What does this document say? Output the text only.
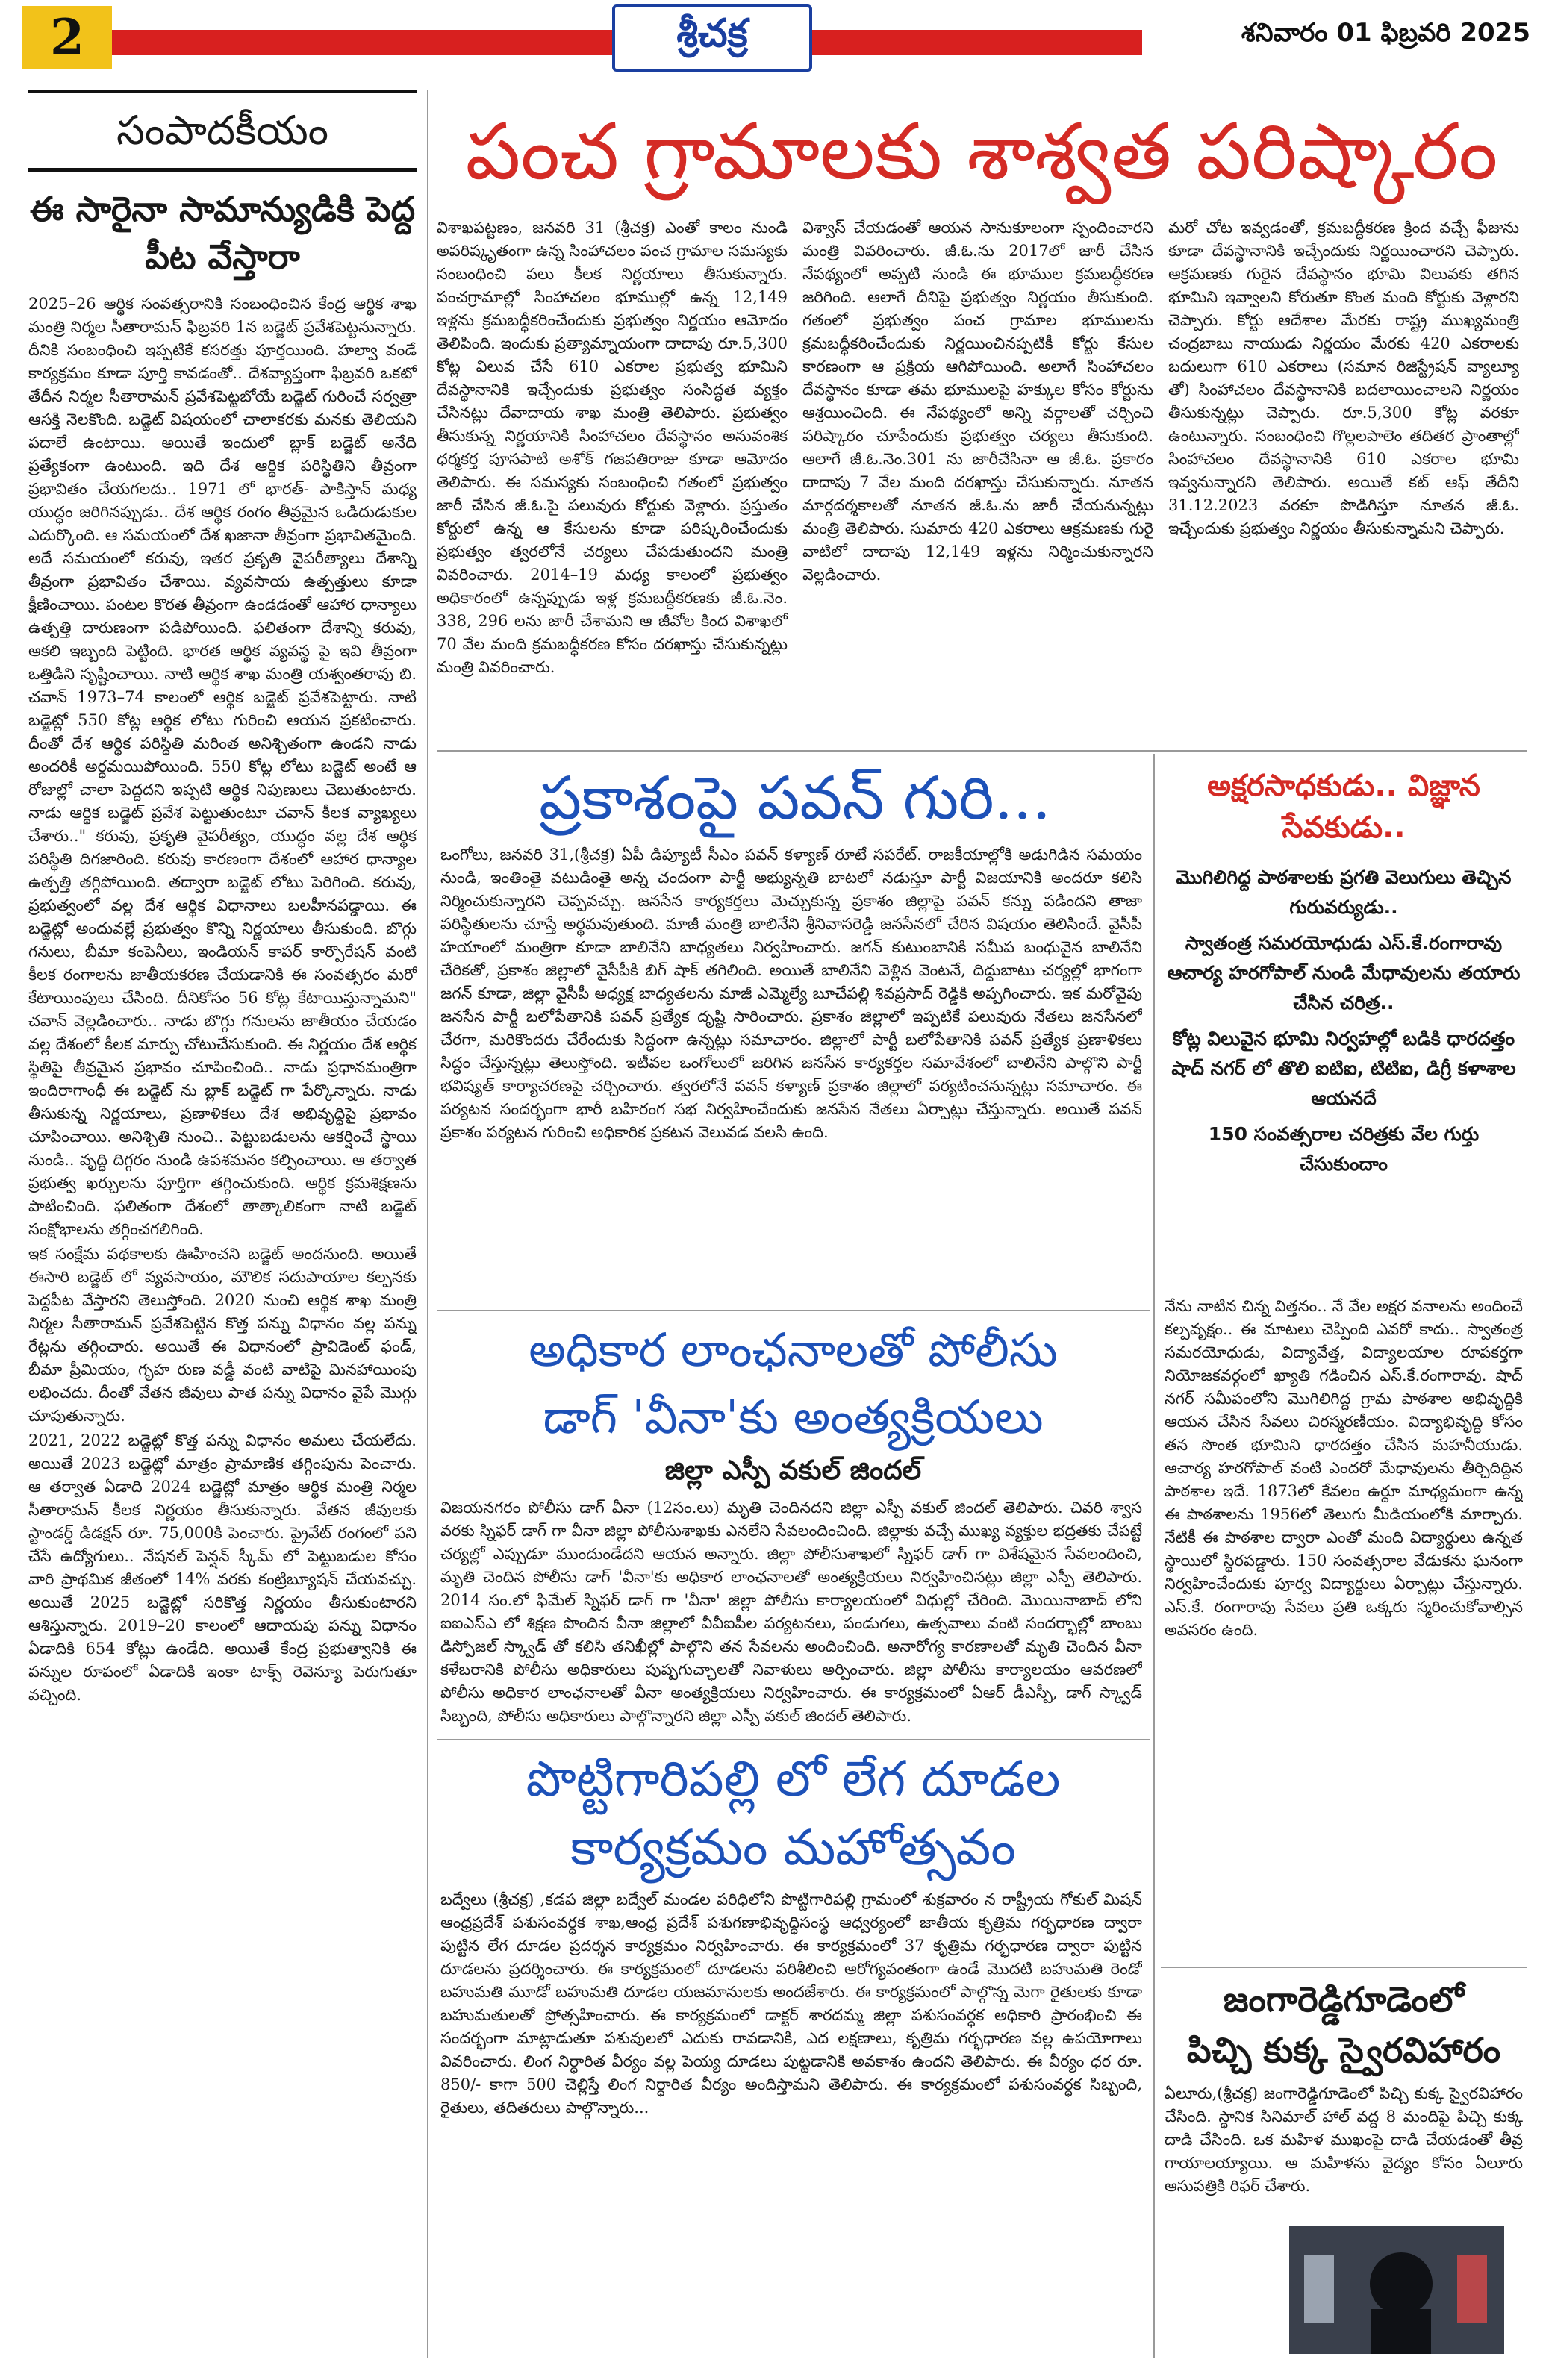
2	శ్రీచక్ర	శనివారం 01 ఫిబ్రవరి 2025
సంపాదకీయం
ఈ సారైనా సామాన్యుడికి పెద్ద పీట వేస్తారా

2025–26 ఆర్థిక సంవత్సరానికి సంబంధించిన కేంద్ర ఆర్థిక శాఖ మంత్రి నిర్మల సీతారామన్ ఫిబ్రవరి 1న బడ్జెట్ ప్రవేశపెట్టనున్నారు. దీనికి సంబంధించి ఇప్పటికే కసరత్తు పూర్తయింది. హల్వా వండే కార్యక్రమం కూడా పూర్తి కావడంతో.. దేశవ్యాప్తంగా ఫిబ్రవరి ఒకటో తేదీన నిర్మల సీతారామన్ ప్రవేశపెట్టబోయే బడ్జెట్ గురించే సర్వత్రా ఆసక్తి నెలకొంది. బడ్జెట్ విషయంలో చాలాకరకు మనకు తెలియని పదాలే ఉంటాయి. అయితే ఇందులో బ్లాక్ బడ్జెట్ అనేది ప్రత్యేకంగా ఉంటుంది. ఇది దేశ ఆర్థిక పరిస్థితిని తీవ్రంగా ప్రభావితం చేయగలదు.. 1971 లో భారత్- పాకిస్తాన్ మధ్య యుద్ధం జరిగినప్పుడు.. దేశ ఆర్థిక రంగం తీవ్రమైన ఒడిదుడుకుల ఎదుర్కొంది. ఆ సమయంలో దేశ ఖజానా తీవ్రంగా ప్రభావితమైంది. అదే సమయంలో కరువు, ఇతర ప్రకృతి వైపరీత్యాలు దేశాన్ని తీవ్రంగా ప్రభావితం చేశాయి. వ్యవసాయ ఉత్పత్తులు కూడా క్షీణించాయి. పంటల కొరత తీవ్రంగా ఉండడంతో ఆహార ధాన్యాలు ఉత్పత్తి దారుణంగా పడిపోయింది. ఫలితంగా దేశాన్ని కరువు, ఆకలి ఇబ్బంది పెట్టింది. భారత ఆర్థిక వ్యవస్థ పై ఇవి తీవ్రంగా ఒత్తిడిని సృష్టించాయి. నాటి ఆర్థిక శాఖ మంత్రి యశ్వంతరావు బి. చవాన్ 1973–74 కాలంలో ఆర్థిక బడ్జెట్ ప్రవేశపెట్టారు. నాటి బడ్జెట్లో 550 కోట్ల ఆర్థిక లోటు గురించి ఆయన ప్రకటించారు. దీంతో దేశ ఆర్థిక పరిస్థితి మరింత అనిశ్చితంగా ఉండని నాడు అందరికీ అర్థమయిపోయింది. 550 కోట్ల లోటు బడ్జెట్ అంటే ఆ రోజుల్లో చాలా పెద్దదని ఇప్పటి ఆర్థిక నిపుణులు చెబుతుంటారు. నాడు ఆర్థిక బడ్జెట్ ప్రవేశ పెట్టుతుంటూ చవాన్ కీలక వ్యాఖ్యలు చేశారు.." కరువు, ప్రకృతి వైపరీత్యం, యుద్ధం వల్ల దేశ ఆర్థిక పరిస్థితి దిగజారింది. కరువు కారణంగా దేశంలో ఆహార ధాన్యాల ఉత్పత్తి తగ్గిపోయింది. తద్వారా బడ్జెట్ లోటు పెరిగింది. కరువు, ప్రభుత్వంలో వల్ల దేశ ఆర్థిక విధానాలు బలహీనపడ్డాయి. ఈ బడ్జెట్లో అందువల్లే ప్రభుత్వం కొన్ని నిర్ణయాలు తీసుకుంది. బొగ్గు గనులు, బీమా కంపెనీలు, ఇండియన్ కాపర్ కార్పొరేషన్ వంటి కీలక రంగాలను జాతీయకరణ చేయడానికి ఈ సంవత్సరం మరో కేటాయింపులు చేసింది. దీనికోసం 56 కోట్ల కేటాయిస్తున్నామని" చవాన్ వెల్లడించారు.. నాడు బొగ్గు గనులను జాతీయం చేయడం వల్ల దేశంలో కీలక మార్పు చోటుచేసుకుంది. ఈ నిర్ణయం దేశ ఆర్థిక స్థితిపై తీవ్రమైన ప్రభావం చూపించింది.. నాడు ప్రధానమంత్రిగా ఇందిరాగాంధీ ఈ బడ్జెట్ ను బ్లాక్ బడ్జెట్ గా పేర్కొన్నారు. నాడు తీసుకున్న నిర్ణయాలు, ప్రణాళికలు దేశ అభివృద్ధిపై ప్రభావం చూపించాయి. అనిశ్చితి నుంచి.. పెట్టుబడులను ఆకర్షించే స్థాయి నుండి.. వృద్ధి దిగ్గరం నుండి ఉపశమనం కల్పించాయి. ఆ తర్వాత ప్రభుత్వ ఖర్చులను పూర్తిగా తగ్గించుకుంది. ఆర్థిక క్రమశిక్షణను పాటించింది. ఫలితంగా దేశంలో తాత్కాలికంగా నాటి బడ్జెట్ సంక్షోభాలను తగ్గించగలిగింది.

ఇక సంక్షేమ పథకాలకు ఊహించని బడ్జెట్ అందనుంది. అయితే ఈసారి బడ్జెట్ లో వ్యవసాయం, మౌలిక సదుపాయాల కల్పనకు పెద్దపీట వేస్తారని తెలుస్తోంది. 2020 నుంచి ఆర్థిక శాఖ మంత్రి నిర్మల సీతారామన్ ప్రవేశపెట్టిన కొత్త పన్ను విధానం వల్ల పన్ను రేట్లను తగ్గించారు. అయితే ఈ విధానంలో ప్రావిడెంట్ ఫండ్, బీమా ప్రీమియం, గృహ రుణ వడ్డీ వంటి వాటిపై మినహాయింపు లభించదు. దీంతో వేతన జీవులు పాత పన్ను విధానం వైపే మొగ్గు చూపుతున్నారు.

2021, 2022 బడ్జెట్లో కొత్త పన్ను విధానం అమలు చేయలేదు. అయితే 2023 బడ్జెట్లో మాత్రం ప్రామాణిక తగ్గింపును పెంచారు. ఆ తర్వాత ఏడాది 2024 బడ్జెట్లో మాత్రం ఆర్థిక మంత్రి నిర్మల సీతారామన్ కీలక నిర్ణయం తీసుకున్నారు. వేతన జీవులకు స్టాండర్డ్ డిడక్షన్ రూ. 75,000కి పెంచారు. ప్రైవేట్ రంగంలో పని చేసే ఉద్యోగులు.. నేషనల్ పెన్షన్ స్కీమ్ లో పెట్టుబడుల కోసం వారి ప్రాథమిక జీతంలో 14% వరకు కంట్రిబ్యూషన్ చేయవచ్చు. అయితే 2025 బడ్జెట్లో సరికొత్త నిర్ణయం తీసుకుంటారని ఆశిస్తున్నారు. 2019–20 కాలంలో ఆదాయపు పన్ను విధానం ఏడాదికి 654 కోట్లు ఉండేది. అయితే కేంద్ర ప్రభుత్వానికి ఈ పన్నుల రూపంలో ఏడాదికి ఇంకా టాక్స్ రెవెన్యూ పెరుగుతూ వచ్చింది.

పంచ గ్రామాలకు శాశ్వత పరిష్కారం
విశాఖపట్టణం, జనవరి 31 (శ్రీచక్ర) ఎంతో కాలం నుండి అపరిష్కృతంగా ఉన్న సింహాచలం పంచ గ్రామాల సమస్యకు సంబంధించి పలు కీలక నిర్ణయాలు తీసుకున్నారు. పంచగ్రామాల్లో సింహాచలం భూముల్లో ఉన్న 12,149 ఇళ్లను క్రమబద్ధీకరించేందుకు ప్రభుత్వం నిర్ణయం ఆమోదం తెలిపింది. ఇందుకు ప్రత్యామ్నాయంగా దాదాపు రూ.5,300 కోట్ల విలువ చేసే 610 ఎకరాల ప్రభుత్వ భూమిని దేవస్థానానికి ఇచ్చేందుకు ప్రభుత్వం సంసిద్ధత వ్యక్తం చేసినట్లు దేవాదాయ శాఖ మంత్రి తెలిపారు. ప్రభుత్వం తీసుకున్న నిర్ణయానికి సింహాచలం దేవస్థానం అనువంశిక ధర్మకర్త పూసపాటి అశోక్ గజపతిరాజు కూడా ఆమోదం తెలిపారు. ఈ సమస్యకు సంబంధించి గతంలో ప్రభుత్వం జారీ చేసిన జీ.ఓ.పై పలువురు కోర్టుకు వెళ్లారు. ప్రస్తుతం కోర్టులో ఉన్న ఆ కేసులను కూడా పరిష్కరించేందుకు ప్రభుత్వం త్వరలోనే చర్యలు చేపడుతుందని మంత్రి వివరించారు. 2014–19 మధ్య కాలంలో ప్రభుత్వం అధికారంలో ఉన్నప్పుడు ఇళ్ల క్రమబద్ధీకరణకు జీ.ఓ.నెం. 338, 296 లను జారీ చేశామని ఆ జీవోల కింద విశాఖలో 70 వేల మంది క్రమబద్ధీకరణ కోసం దరఖాస్తు చేసుకున్నట్లు మంత్రి వివరించారు.
విశ్వాస్ చేయడంతో ఆయన సానుకూలంగా స్పందించారని మంత్రి వివరించారు. జీ.ఓ.ను 2017లో జారీ చేసిన నేపథ్యంలో అప్పటి నుండి ఈ భూముల క్రమబద్ధీకరణ జరిగింది. ఆలాగే దీనిపై ప్రభుత్వం నిర్ణయం తీసుకుంది. గతంలో ప్రభుత్వం పంచ గ్రామాల భూములను క్రమబద్ధీకరించేందుకు నిర్ణయించినప్పటికీ కోర్టు కేసుల కారణంగా ఆ ప్రక్రియ ఆగిపోయింది. అలాగే సింహాచలం దేవస్థానం కూడా తమ భూములపై హక్కుల కోసం కోర్టును ఆశ్రయించింది. ఈ నేపథ్యంలో అన్ని వర్గాలతో చర్చించి పరిష్కారం చూపేందుకు ప్రభుత్వం చర్యలు తీసుకుంది. ఆలాగే జీ.ఓ.నెం.301 ను జారీచేసినా ఆ జీ.ఓ. ప్రకారం దాదాపు 7 వేల మంది దరఖాస్తు చేసుకున్నారు. నూతన మార్గదర్శకాలతో నూతన జీ.ఓ.ను జారీ చేయనున్నట్లు మంత్రి తెలిపారు. సుమారు 420 ఎకరాలు ఆక్రమణకు గురై వాటిలో దాదాపు 12,149 ఇళ్లను నిర్మించుకున్నారని వెల్లడించారు.
మరో చోట ఇవ్వడంతో, క్రమబద్ధీకరణ క్రింద వచ్చే ఫీజును కూడా దేవస్థానానికి ఇచ్చేందుకు నిర్ణయించారని చెప్పారు. ఆక్రమణకు గురైన దేవస్థానం భూమి విలువకు తగిన భూమిని ఇవ్వాలని కోరుతూ కొంత మంది కోర్టుకు వెళ్లారని చెప్పారు. కోర్టు ఆదేశాల మేరకు రాష్ట్ర ముఖ్యమంత్రి చంద్రబాబు నాయుడు నిర్ణయం మేరకు 420 ఎకరాలకు బదులుగా 610 ఎకరాలు (సమాన రిజిస్ట్రేషన్ వ్యాల్యూ తో) సింహాచలం దేవస్థానానికి బదలాయించాలని నిర్ణయం తీసుకున్నట్లు చెప్పారు. రూ.5,300 కోట్ల వరకూ ఉంటున్నారు. సంబంధించి గొల్లలపాలెం తదితర ప్రాంతాల్లో సింహాచలం దేవస్థానానికి 610 ఎకరాల భూమి ఇవ్వనున్నారని తెలిపారు. అయితే కట్ ఆఫ్ తేదీని 31.12.2023 వరకూ పొడిగిస్తూ నూతన జీ.ఓ. ఇచ్చేందుకు ప్రభుత్వం నిర్ణయం తీసుకున్నామని చెప్పారు.
ప్రకాశంపై పవన్ గురి...
ఒంగోలు, జనవరి 31,(శ్రీచక్ర) ఏపీ డిప్యూటీ సీఎం పవన్ కళ్యాణ్ రూటే సపరేట్. రాజకీయాల్లోకి అడుగిడిన సమయం నుండి, ఇంతింతై వటుడింతై అన్న చందంగా పార్టీ అభ్యున్నతి బాటలో నడుస్తూ పార్టీ విజయానికి అందరూ కలిసి నిర్మించుకున్నారని చెప్పవచ్చు. జనసేన కార్యకర్తలు మెచ్చుకున్న ప్రకాశం జిల్లాపై పవన్ కన్ను పడిందని తాజా పరిస్థితులను చూస్తే అర్థమవుతుంది. మాజీ మంత్రి బాలినేని శ్రీనివాసరెడ్డి జనసేనలో చేరిన విషయం తెలిసిందే. వైసీపీ హయాంలో మంత్రిగా కూడా బాలినేని బాధ్యతలు నిర్వహించారు. జగన్ కుటుంబానికి సమీప బంధువైన బాలినేని చేరికతో, ప్రకాశం జిల్లాలో వైసీపీకి బిగ్ షాక్ తగిలింది. అయితే బాలినేని వెళ్లిన వెంటనే, దిద్దుబాటు చర్యల్లో భాగంగా జగన్ కూడా, జిల్లా వైసీపీ అధ్యక్ష బాధ్యతలను మాజీ ఎమ్మెల్యే బూచేపల్లి శివప్రసాద్ రెడ్డికి అప్పగించారు. ఇక మరోవైపు జనసేన పార్టీ బలోపేతానికి పవన్ ప్రత్యేక దృష్టి సారించారు. ప్రకాశం జిల్లాలో ఇప్పటికే పలువురు నేతలు జనసేనలో చేరగా, మరికొందరు చేరేందుకు సిద్ధంగా ఉన్నట్లు సమాచారం. జిల్లాలో పార్టీ బలోపేతానికి పవన్ ప్రత్యేక ప్రణాళికలు సిద్ధం చేస్తున్నట్లు తెలుస్తోంది. ఇటీవల ఒంగోలులో జరిగిన జనసేన కార్యకర్తల సమావేశంలో బాలినేని పాల్గొని పార్టీ భవిష్యత్ కార్యాచరణపై చర్చించారు. త్వరలోనే పవన్ కళ్యాణ్ ప్రకాశం జిల్లాలో పర్యటించనున్నట్లు సమాచారం. ఈ పర్యటన సందర్భంగా భారీ బహిరంగ సభ నిర్వహించేందుకు జనసేన నేతలు ఏర్పాట్లు చేస్తున్నారు. అయితే పవన్ ప్రకాశం పర్యటన గురించి అధికారిక ప్రకటన వెలువడ వలసి ఉంది.
అక్షరసాధకుడు.. విజ్ఞాన సేవకుడు..
మొగిలిగిద్ద పాఠశాలకు ప్రగతి వెలుగులు తెచ్చిన గురువర్యుడు..
స్వాతంత్ర సమరయోధుడు ఎస్.కే.రంగారావు ఆచార్య హరగోపాల్ నుండి మేధావులను తయారు చేసిన చరిత్ర..
కోట్ల విలువైన భూమి నిర్వహల్లో బడికి ధారదత్తం షాద్ నగర్ లో తొలి ఐటిఐ, టిటిఐ, డిగ్రీ కళాశాల ఆయనదే
150 సంవత్సరాల చరిత్రకు వేల గుర్తు చేసుకుందాం
నేను నాటిన చిన్న విత్తనం.. నే వేల అక్షర వనాలను అందించే కల్పవృక్షం.. ఈ మాటలు చెప్పింది ఎవరో కాదు.. స్వాతంత్ర సమరయోధుడు, విద్యావేత్త, విద్యాలయాల రూపకర్తగా నియోజకవర్గంలో ఖ్యాతి గడించిన ఎస్.కే.రంగారావు. షాద్ నగర్ సమీపంలోని మొగిలిగిద్ద గ్రామ పాఠశాల అభివృద్ధికి ఆయన చేసిన సేవలు చిరస్మరణీయం. విద్యాభివృద్ధి కోసం తన సొంత భూమిని ధారదత్తం చేసిన మహనీయుడు. ఆచార్య హరగోపాల్ వంటి ఎందరో మేధావులను తీర్చిదిద్దిన పాఠశాల ఇదే. 1873లో కేవలం ఉర్దూ మాధ్యమంగా ఉన్న ఈ పాఠశాలను 1956లో తెలుగు మీడియంలోకి మార్చారు. నేటికీ ఈ పాఠశాల ద్వారా ఎంతో మంది విద్యార్థులు ఉన్నత స్థాయిలో స్థిరపడ్డారు. 150 సంవత్సరాల వేడుకను ఘనంగా నిర్వహించేందుకు పూర్వ విద్యార్థులు ఏర్పాట్లు చేస్తున్నారు. ఎస్.కే. రంగారావు సేవలు ప్రతి ఒక్కరు స్మరించుకోవాల్సిన అవసరం ఉంది.
అధికార లాంఛనాలతో పోలీసు
డాగ్ 'వీనా'కు అంత్యక్రియలు
జిల్లా ఎస్పీ వకుల్ జిందల్
విజయనగరం పోలీసు డాగ్ వీనా (12సం.లు) మృతి చెందినదని జిల్లా ఎస్పీ వకుల్ జిందల్ తెలిపారు. చివరి శ్వాస వరకు స్నిఫర్ డాగ్ గా వీనా జిల్లా పోలీసుశాఖకు ఎనలేని సేవలందించింది. జిల్లాకు వచ్చే ముఖ్య వ్యక్తుల భద్రతకు చేపట్టే చర్యల్లో ఎప్పుడూ ముందుండేదని ఆయన అన్నారు. జిల్లా పోలీసుశాఖలో స్నిఫర్ డాగ్ గా విశేషమైన సేవలందించి, మృతి చెందిన పోలీసు డాగ్ 'వీనా'కు అధికార లాంఛనాలతో అంత్యక్రియలు నిర్వహించినట్లు జిల్లా ఎస్పీ తెలిపారు. 2014 సం.లో ఫిమేల్ స్నిఫర్ డాగ్ గా 'వీనా' జిల్లా పోలీసు కార్యాలయంలో విధుల్లో చేరింది. మొయినాబాద్ లోని ఐఐఎస్ఎ లో శిక్షణ పొందిన వీనా జిల్లాలో వీవీఐపీల పర్యటనలు, పండుగలు, ఉత్సవాలు వంటి సందర్భాల్లో బాంబు డిస్పోజల్ స్క్వాడ్ తో కలిసి తనిఖీల్లో పాల్గొని తన సేవలను అందించింది. అనారోగ్య కారణాలతో మృతి చెందిన వీనా కళేబరానికి పోలీసు అధికారులు పుష్పగుచ్ఛాలతో నివాళులు అర్పించారు. జిల్లా పోలీసు కార్యాలయం ఆవరణలో పోలీసు అధికార లాంఛనాలతో వీనా అంత్యక్రియలు నిర్వహించారు. ఈ కార్యక్రమంలో ఏఆర్ డీఎస్పీ, డాగ్ స్క్వాడ్ సిబ్బంది, పోలీసు అధికారులు పాల్గొన్నారని జిల్లా ఎస్పీ వకుల్ జిందల్ తెలిపారు.
పొట్టిగారిపల్లి లో లేగ దూడల
కార్యక్రమం మహోత్సవం
బద్వేలు (శ్రీచక్ర) ,కడప జిల్లా బద్వేల్ మండల పరిధిలోని పొట్టిగారిపల్లి గ్రామంలో శుక్రవారం న రాష్ట్రీయ గోకుల్ మిషన్ ఆంధ్రప్రదేశ్ పశుసంవర్ధక శాఖ,ఆంధ్ర ప్రదేశ్ పశుగణాభివృద్ధిసంస్థ ఆధ్వర్యంలో జాతీయ కృత్రిమ గర్భధారణ ద్వారా పుట్టిన లేగ దూడల ప్రదర్శన కార్యక్రమం నిర్వహించారు. ఈ కార్యక్రమంలో 37 కృత్రిమ గర్భధారణ ద్వారా పుట్టిన దూడలను ప్రదర్శించారు. ఈ కార్యక్రమంలో దూడలను పరిశీలించి ఆరోగ్యవంతంగా ఉండే మొదటి బహుమతి రెండో బహుమతి మూడో బహుమతి దూడల యజమానులకు అందజేశారు. ఈ కార్యక్రమంలో పాల్గొన్న మెగా రైతులకు కూడా బహుమతులతో ప్రోత్సహించారు. ఈ కార్యక్రమంలో డాక్టర్ శారదమ్మ జిల్లా పశుసంవర్ధక అధికారి ప్రారంభించి ఈ సందర్భంగా మాట్లాడుతూ పశువులలో ఎదుకు రావడానికి, ఎద లక్షణాలు, కృత్రిమ గర్భధారణ వల్ల ఉపయోగాలు వివరించారు. లింగ నిర్ధారిత వీర్యం వల్ల పెయ్య దూడలు పుట్టడానికి అవకాశం ఉందని తెలిపారు. ఈ వీర్యం ధర రూ. 850/- కాగా 500 చెల్లిస్తే లింగ నిర్ధారిత వీర్యం అందిస్తామని తెలిపారు. ఈ కార్యక్రమంలో పశుసంవర్ధక సిబ్బంది, రైతులు, తదితరులు పాల్గొన్నారు...
జంగారెడ్డిగూడెంలో
పిచ్చి కుక్క స్వైరవిహారం
ఏలూరు,(శ్రీచక్ర) జంగారెడ్డిగూడెంలో పిచ్చి కుక్క స్వైరవిహారం చేసింది. స్థానిక సినిమాల్ హాల్ వద్ద 8 మందిపై పిచ్చి కుక్క దాడి చేసింది. ఒక మహిళ ముఖంపై దాడి చేయడంతో తీవ్ర గాయాలయ్యాయి. ఆ మహిళను వైద్యం కోసం ఏలూరు ఆసుపత్రికి రిఫర్ చేశారు.
